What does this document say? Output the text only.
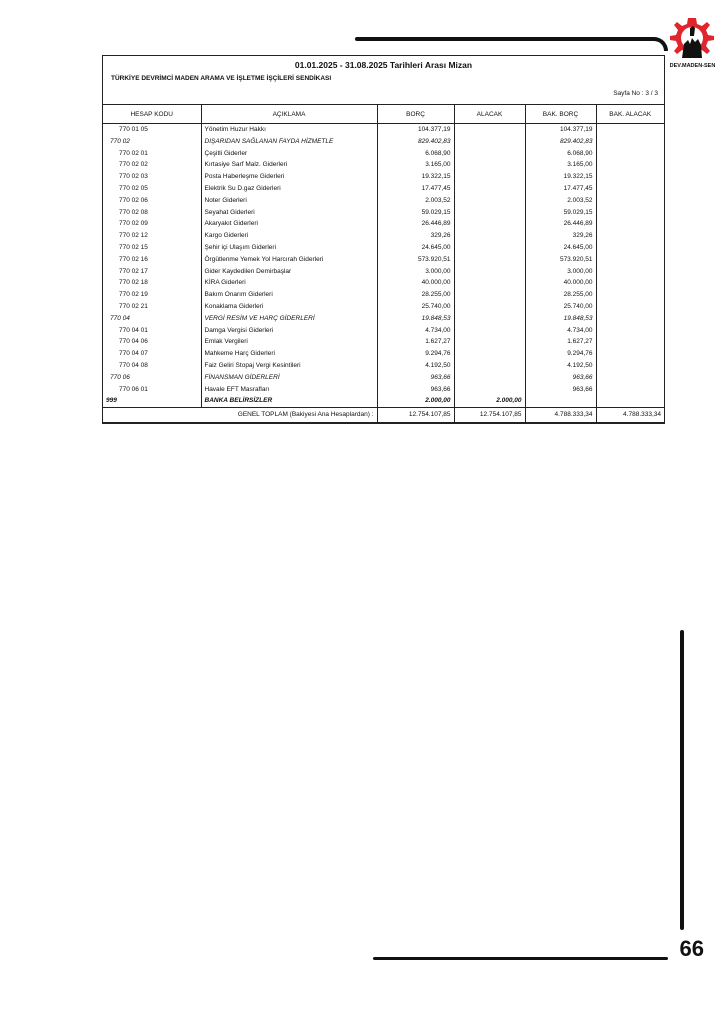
DEV.MADEN-SEN
01.01.2025 - 31.08.2025 Tarihleri Arası Mizan
TÜRKİYE DEVRİMCİ MADEN ARAMA VE İŞLETME İŞÇİLERİ SENDİKASI
Sayfa No : 3 / 3
HESAP KODU	AÇIKLAMA	BORÇ	ALACAK	BAK. BORÇ	BAK. ALACAK
770 01 05	Yönetim Huzur Hakkı	104.377,19		104.377,19	
770 02	DIŞARIDAN SAĞLANAN FAYDA HİZMETLE	829.402,83		829.402,83	
770 02 01	Çeşitli Giderler	6.068,90		6.068,90	
770 02 02	Kırtasiye Sarf Malz. Giderleri	3.165,00		3.165,00	
770 02 03	Posta Haberleşme Giderleri	19.322,15		19.322,15	
770 02 05	Elektrik Su D.gaz Giderleri	17.477,45		17.477,45	
770 02 06	Noter Giderleri	2.003,52		2.003,52	
770 02 08	Seyahat Giderleri	59.029,15		59.029,15	
770 02 09	Akaryakıt Giderleri	26.446,89		26.446,89	
770 02 12	Kargo Giderleri	329,26		329,26	
770 02 15	Şehir içi Ulaşım Giderleri	24.645,00		24.645,00	
770 02 16	Örgütlenme Yemek Yol Harcırah Giderleri	573.920,51		573.920,51	
770 02 17	Gider Kaydedilen Demirbaşlar	3.000,00		3.000,00	
770 02 18	KİRA Giderleri	40.000,00		40.000,00	
770 02 19	Bakım Onarım Giderleri	28.255,00		28.255,00	
770 02 21	Konaklama Giderleri	25.740,00		25.740,00	
770 04	VERGİ RESİM VE HARÇ GİDERLERİ	19.848,53		19.848,53	
770 04 01	Damga Vergisi Giderleri	4.734,00		4.734,00	
770 04 06	Emlak Vergileri	1.627,27		1.627,27	
770 04 07	Mahkeme Harç Giderleri	9.294,76		9.294,76	
770 04 08	Faiz Geliri Stopaj Vergi Kesintileri	4.192,50		4.192,50	
770 06	FİNANSMAN GİDERLERİ	963,66		963,66	
770 06 01	Havale EFT Masrafları	963,66		963,66	
999	BANKA BELİRSİZLER	2.000,00	2.000,00		
GENEL TOPLAM (Bakiyesi Ana Hesaplardan) :		12.754.107,85	12.754.107,85	4.788.333,34	4.788.333,34
66
